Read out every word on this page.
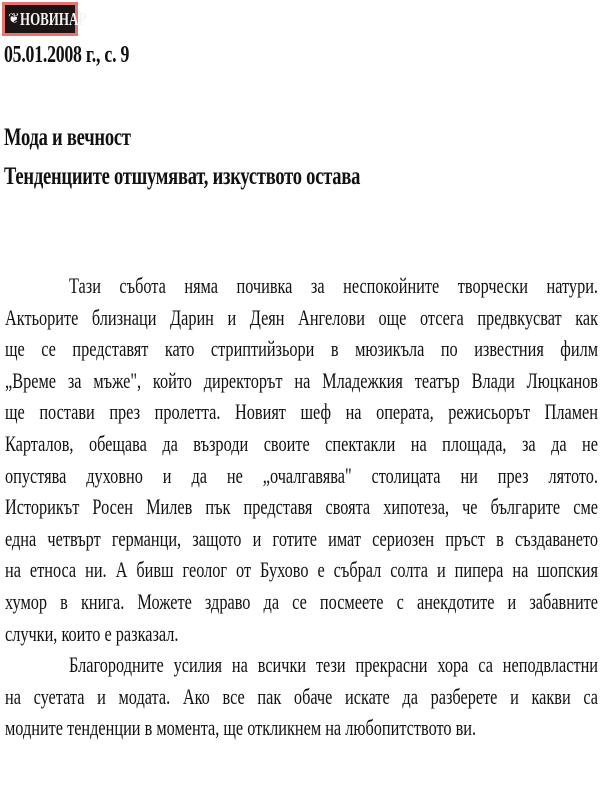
❦ НОВИНАР
05.01.2008 г., с. 9
Мода и вечност
Тенденциите отшумяват, изкуството остава
Тази събота няма почивка за неспокойните творчески натури.
Актьорите близнаци Дарин и Деян Ангелови още отсега предвкусват как
ще се представят като стриптийзьори в мюзикъла по известния филм
„Време за мъже", който директорът на Младежкия театър Влади Люцканов
ще постави през пролетта. Новият шеф на операта, режисьорът Пламен
Карталов, обещава да възроди своите спектакли на площада, за да не
опустява духовно и да не „очалгавява" столицата ни през лятото.
Историкът Росен Милев пък представя своята хипотеза, че българите сме
една четвърт германци, защото и готите имат сериозен пръст в създаването
на етноса ни. А бивш геолог от Бухово е събрал солта и пипера на шопския
хумор в книга. Можете здраво да се посмеете с анекдотите и забавните
случки, които е разказал.
Благородните усилия на всички тези прекрасни хора са неподвластни
на суетата и модата. Ако все пак обаче искате да разберете и какви са
модните тенденции в момента, ще откликнем на любопитството ви.
